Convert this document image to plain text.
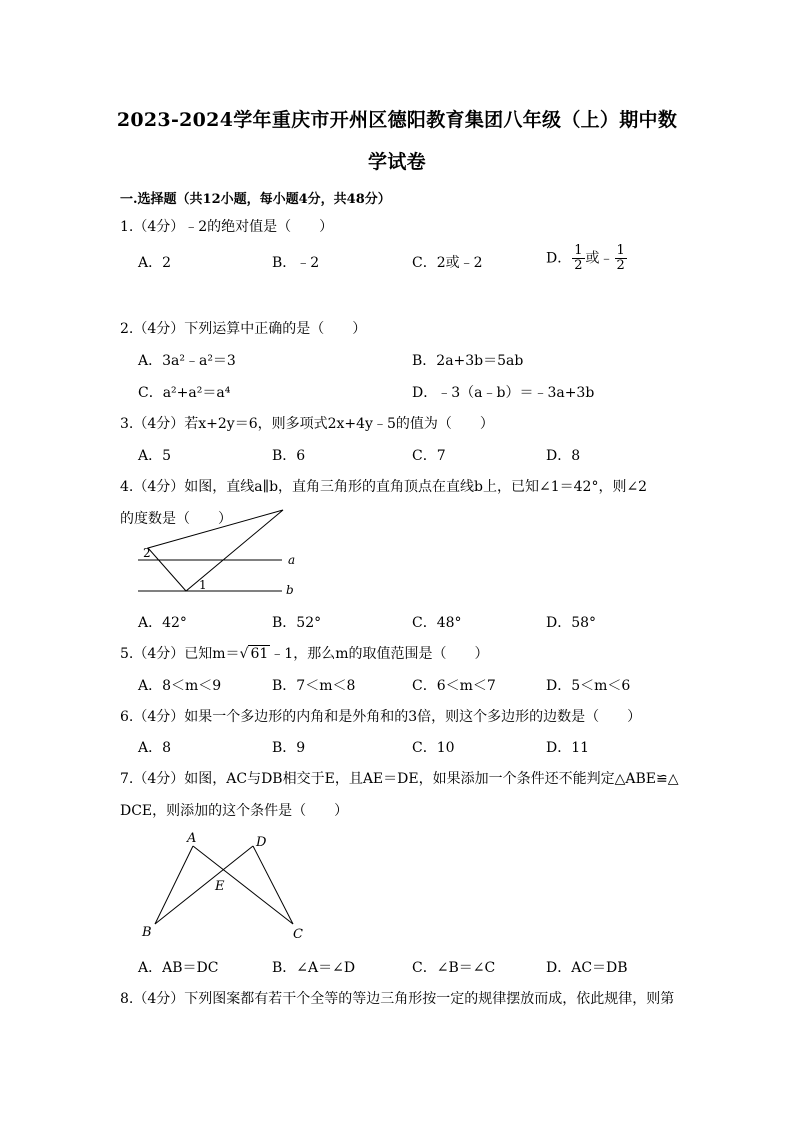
2023-2024学年重庆市开州区德阳教育集团八年级（上）期中数
学试卷
一.选择题（共12小题，每小题4分，共48分）
1.（4分）﹣2的绝对值是（　　）
A．2	B．﹣2	C．2或﹣2	D． $\frac{1}{2}$ 或﹣ $\frac{1}{2}$
2.（4分）下列运算中正确的是（　　）
A．3a²﹣a²＝3	B．2a+3b＝5ab
C．a²+a²＝a⁴	D．﹣3（a﹣b）＝﹣3a+3b
3.（4分）若x+2y＝6，则多项式2x+4y﹣5的值为（　　）
A．5	B．6	C．7	D．8
4.（4分）如图，直线a∥b，直角三角形的直角顶点在直线b上，已知∠1＝42°，则∠2
的度数是（　　）
2
1
a
b
A．42°	B．52°	C．48°	D．58°
5.（4分）已知m＝√ 61 ﹣1，那么m的取值范围是（　　）
A．8＜m＜9	B．7＜m＜8	C．6＜m＜7	D．5＜m＜6
6.（4分）如果一个多边形的内角和是外角和的3倍，则这个多边形的边数是（　　）
A．8	B．9	C．10	D．11
7.（4分）如图，AC与DB相交于E，且AE＝DE，如果添加一个条件还不能判定△ABE≌△
DCE，则添加的这个条件是（　　）
A	D
E
B	C
A．AB＝DC	B．∠A＝∠D	C．∠B＝∠C	D．AC＝DB
8.（4分）下列图案都有若干个全等的等边三角形按一定的规律摆放而成，依此规律，则第
